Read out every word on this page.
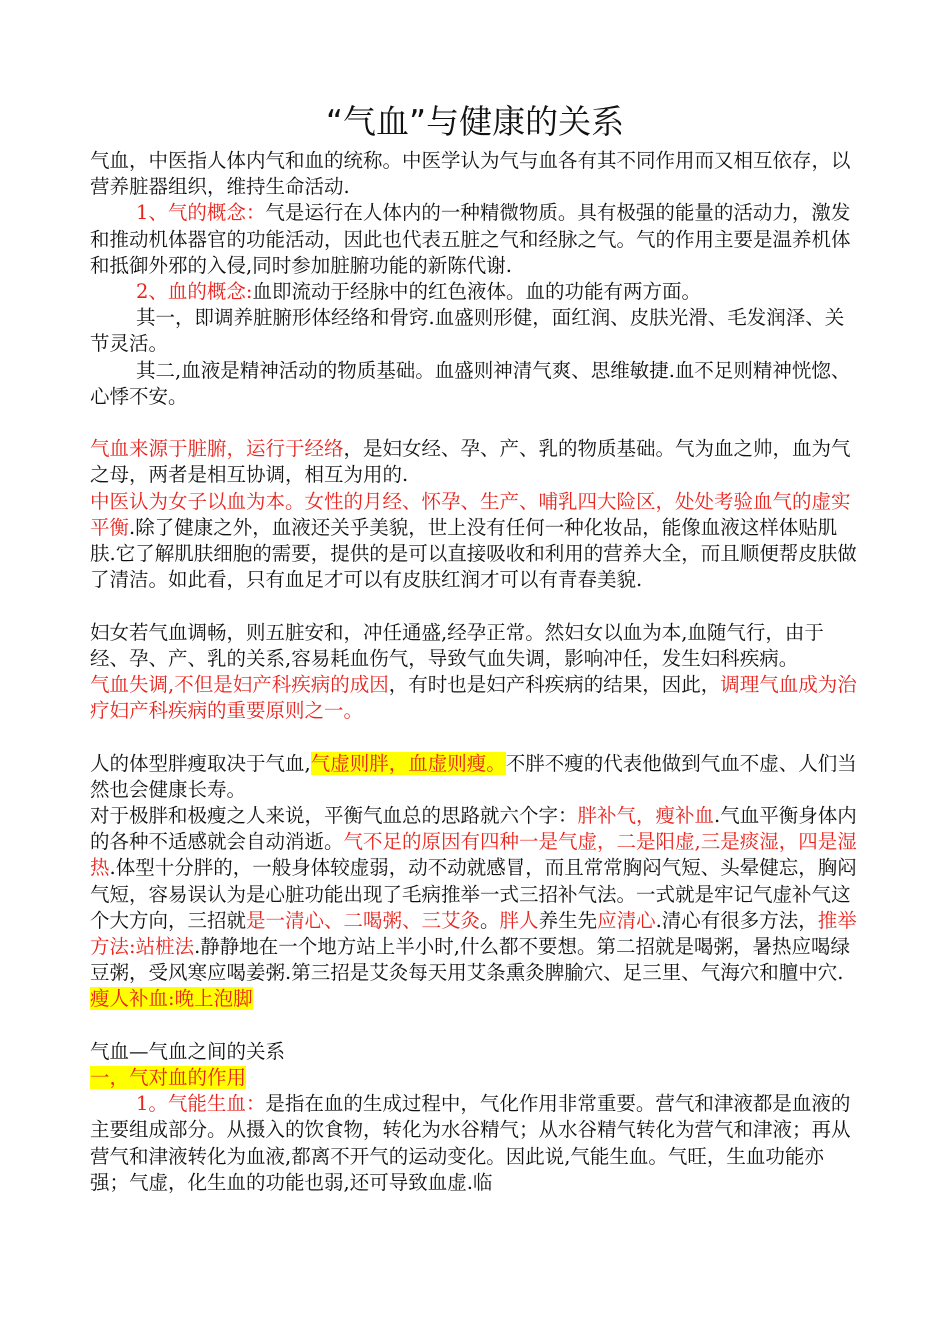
“气血”与健康的关系

气血，中医指人体内气和血的统称。中医学认为气与血各有其不同作用而又相互依存，以营养脏器组织，维持生命活动.

1、气的概念：气是运行在人体内的一种精微物质。具有极强的能量的活动力，激发和推动机体器官的功能活动，因此也代表五脏之气和经脉之气。气的作用主要是温养机体和抵御外邪的入侵,同时参加脏腑功能的新陈代谢.

2、血的概念:血即流动于经脉中的红色液体。血的功能有两方面。

其一，即调养脏腑形体经络和骨窍.血盛则形健，面红润、皮肤光滑、毛发润泽、关节灵活。

其二,血液是精神活动的物质基础。血盛则神清气爽、思维敏捷.血不足则精神恍惚、心悸不安。

气血来源于脏腑，运行于经络，是妇女经、孕、产、乳的物质基础。气为血之帅，血为气之母，两者是相互协调，相互为用的.

中医认为女子以血为本。女性的月经、怀孕、生产、哺乳四大险区，处处考验血气的虚实平衡.除了健康之外，血液还关乎美貌，世上没有任何一种化妆品，能像血液这样体贴肌肤.它了解肌肤细胞的需要，提供的是可以直接吸收和利用的营养大全，而且顺便帮皮肤做了清洁。如此看，只有血足才可以有皮肤红润才可以有青春美貌.

妇女若气血调畅，则五脏安和，冲任通盛,经孕正常。然妇女以血为本,血随气行，由于经、孕、产、乳的关系,容易耗血伤气，导致气血失调，影响冲任，发生妇科疾病。

气血失调,不但是妇产科疾病的成因，有时也是妇产科疾病的结果，因此，调理气血成为治疗妇产科疾病的重要原则之一。

人的体型胖瘦取决于气血,气虚则胖，血虚则瘦。不胖不瘦的代表他做到气血不虚、人们当然也会健康长寿。

对于极胖和极瘦之人来说，平衡气血总的思路就六个字：胖补气，瘦补血.气血平衡身体内的各种不适感就会自动消逝。气不足的原因有四种一是气虚，二是阳虚,三是痰湿，四是湿热.体型十分胖的，一般身体较虚弱，动不动就感冒，而且常常胸闷气短、头晕健忘，胸闷气短，容易误认为是心脏功能出现了毛病推举一式三招补气法。一式就是牢记气虚补气这个大方向，三招就是一清心、二喝粥、三艾灸。胖人养生先应清心.清心有很多方法，推举方法:站桩法.静静地在一个地方站上半小时,什么都不要想。第二招就是喝粥，暑热应喝绿豆粥，受风寒应喝姜粥.第三招是艾灸每天用艾条熏灸脾腧穴、足三里、气海穴和膻中穴.

瘦人补血:晚上泡脚

气血—气血之间的关系

一，气对血的作用

1。气能生血：是指在血的生成过程中，气化作用非常重要。营气和津液都是血液的主要组成部分。从摄入的饮食物，转化为水谷精气；从水谷精气转化为营气和津液；再从营气和津液转化为血液,都离不开气的运动变化。因此说,气能生血。气旺，生血功能亦强；气虚，化生血的功能也弱,还可导致血虚.临
